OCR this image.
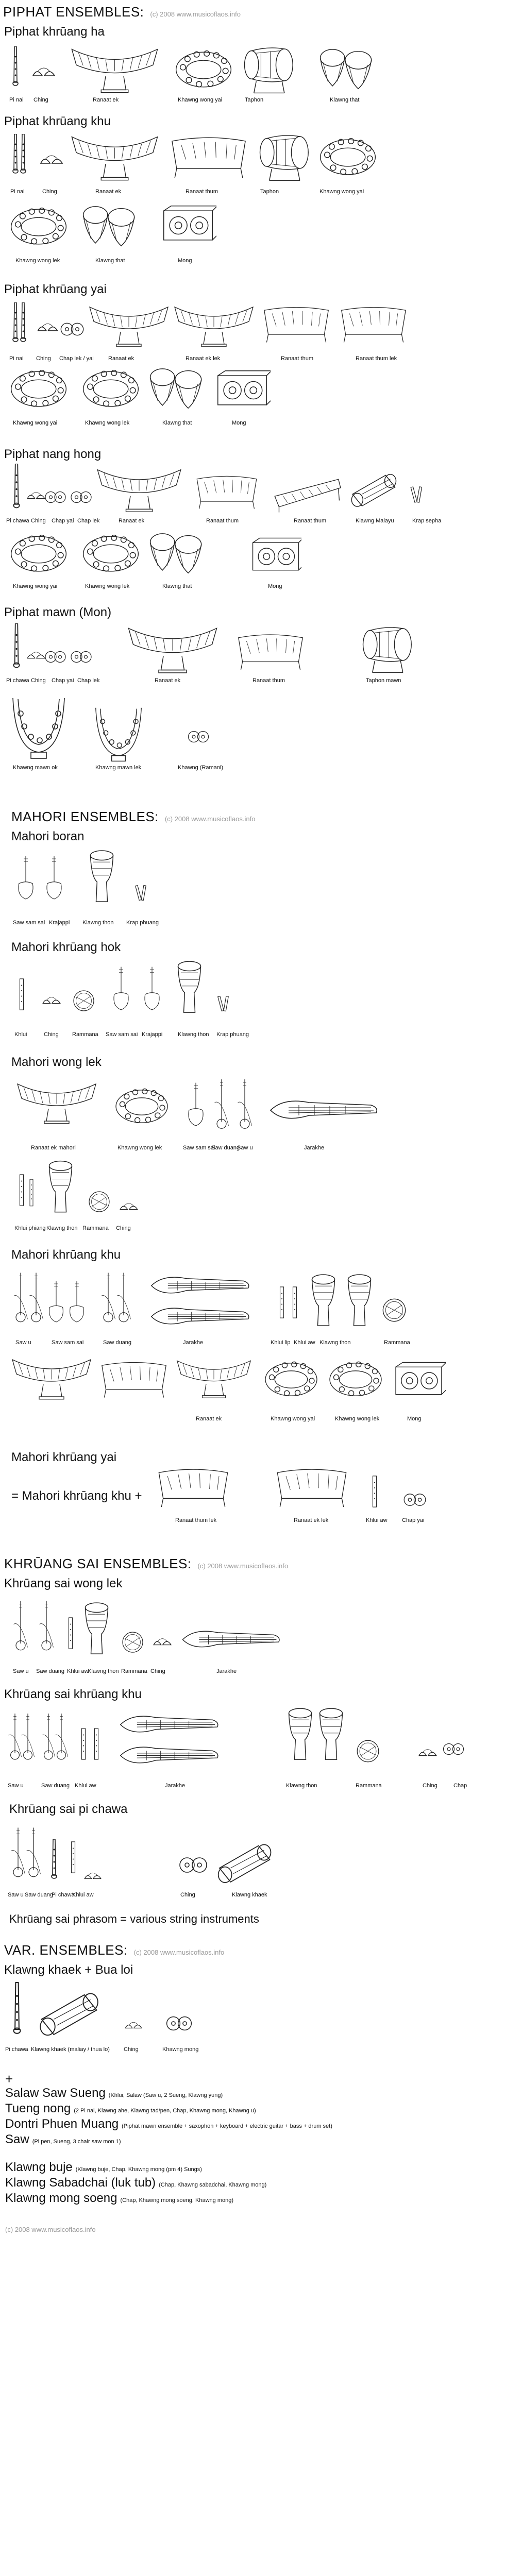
PIPHAT ENSEMBLES: (c) 2008 www.musicoflaos.info
Piphat khrūang ha
Pi nai Ching	Ranaat ek	Khawng wong yai	Taphon	Klawng that
Piphat khrūang khu
Pi nai	Ching	Ranaat ek	Ranaat thum	Taphon	Khawng wong yai
Khawng wong lek	Klawng that	Mong
Piphat khrūang yai
Pi nai Ching Chap lek / yai	Ranaat ek	Ranaat ek lek	Ranaat thum	Ranaat thum lek
Khawng wong yai	Khawng wong lek	Klawng that	Mong
Piphat nang hong
Pi chawa Ching Chap yai Chap lek	Ranaat ek	Ranaat thum	Ranaat thum	Klawng Malayu	Krap sepha
Khawng wong yai	Khawng wong lek	Klawng that	Mong
Piphat mawn (Mon)
Pi chawa Ching Chap yai Chap lek	Ranaat ek	Ranaat thum	Taphon mawn
Khawng mawn ok	Khawng mawn lek	Khawng (Ramani)
MAHORI ENSEMBLES: (c) 2008 www.musicoflaos.info
Mahori boran
Saw sam sai Krajappi Klawng thon Krap phuang
Mahori khrūang hok
Khlui	Ching Rammana Saw sam sai Krajappi	Klawng thon Krap phuang
Mahori wong lek
Ranaat ek mahori	Khawng wong lek	Saw sam sai
Saw duang
Saw u	Jarakhe
Khlui phiang Klawng thon Rammana Ching
Mahori khrūang khu
Saw u	Saw sam sai	Saw duang	Jarakhe	Khlui lip Khlui aw Klawng thon	Rammana
Ranaat ek	Khawng wong yai	Khawng wong lek	Mong
Mahori khrūang yai
= Mahori khrūang khu +
Ranaat thum lek	Ranaat ek lek	Khlui aw	Chap yai
KHRŪANG SAI ENSEMBLES: (c) 2008 www.musicoflaos.info
Khrūang sai wong lek
Saw u Saw duang Khlui aw
Klawng thon Rammana Ching	Jarakhe
Khrūang sai khrūang khu
Saw u	Saw duang Khlui aw	Jarakhe	Klawng thon	Rammana	Ching	Chap
Khrūang sai pi chawa
Saw u Saw duang
Pi chawa
Khlui aw	Ching	Klawng khaek
Khrūang sai phrasom = various string instruments
VAR. ENSEMBLES: (c) 2008 www.musicoflaos.info
Klawng khaek + Bua loi
Pi chawa Klawng khaek (maliay / thua lo) Ching	Khawng mong
+
Salaw Saw Sueng (Khlui, Salaw (Saw u, 2 Sueng, Klawng yung)
Tueng nong (2 Pi nai, Klawng ahe, Klawng tad/pen, Chap, Khawng mong, Khawng u)
Dontri Phuen Muang (Piphat mawn ensemble + saxophon + keyboard + electric guitar + bass + drum set)
Saw (Pi pen, Sueng, 3 chair saw mon 1)
Klawng buje (Klawng buje, Chap, Khawng mong (pm 4) Sungs)
Klawng Sabadchai (luk tub) (Chap, Khawng sabadchai, Khawng mong)
Klawng mong soeng (Chap, Khawng mong soeng, Khawng mong)
(c) 2008 www.musicoflaos.info
